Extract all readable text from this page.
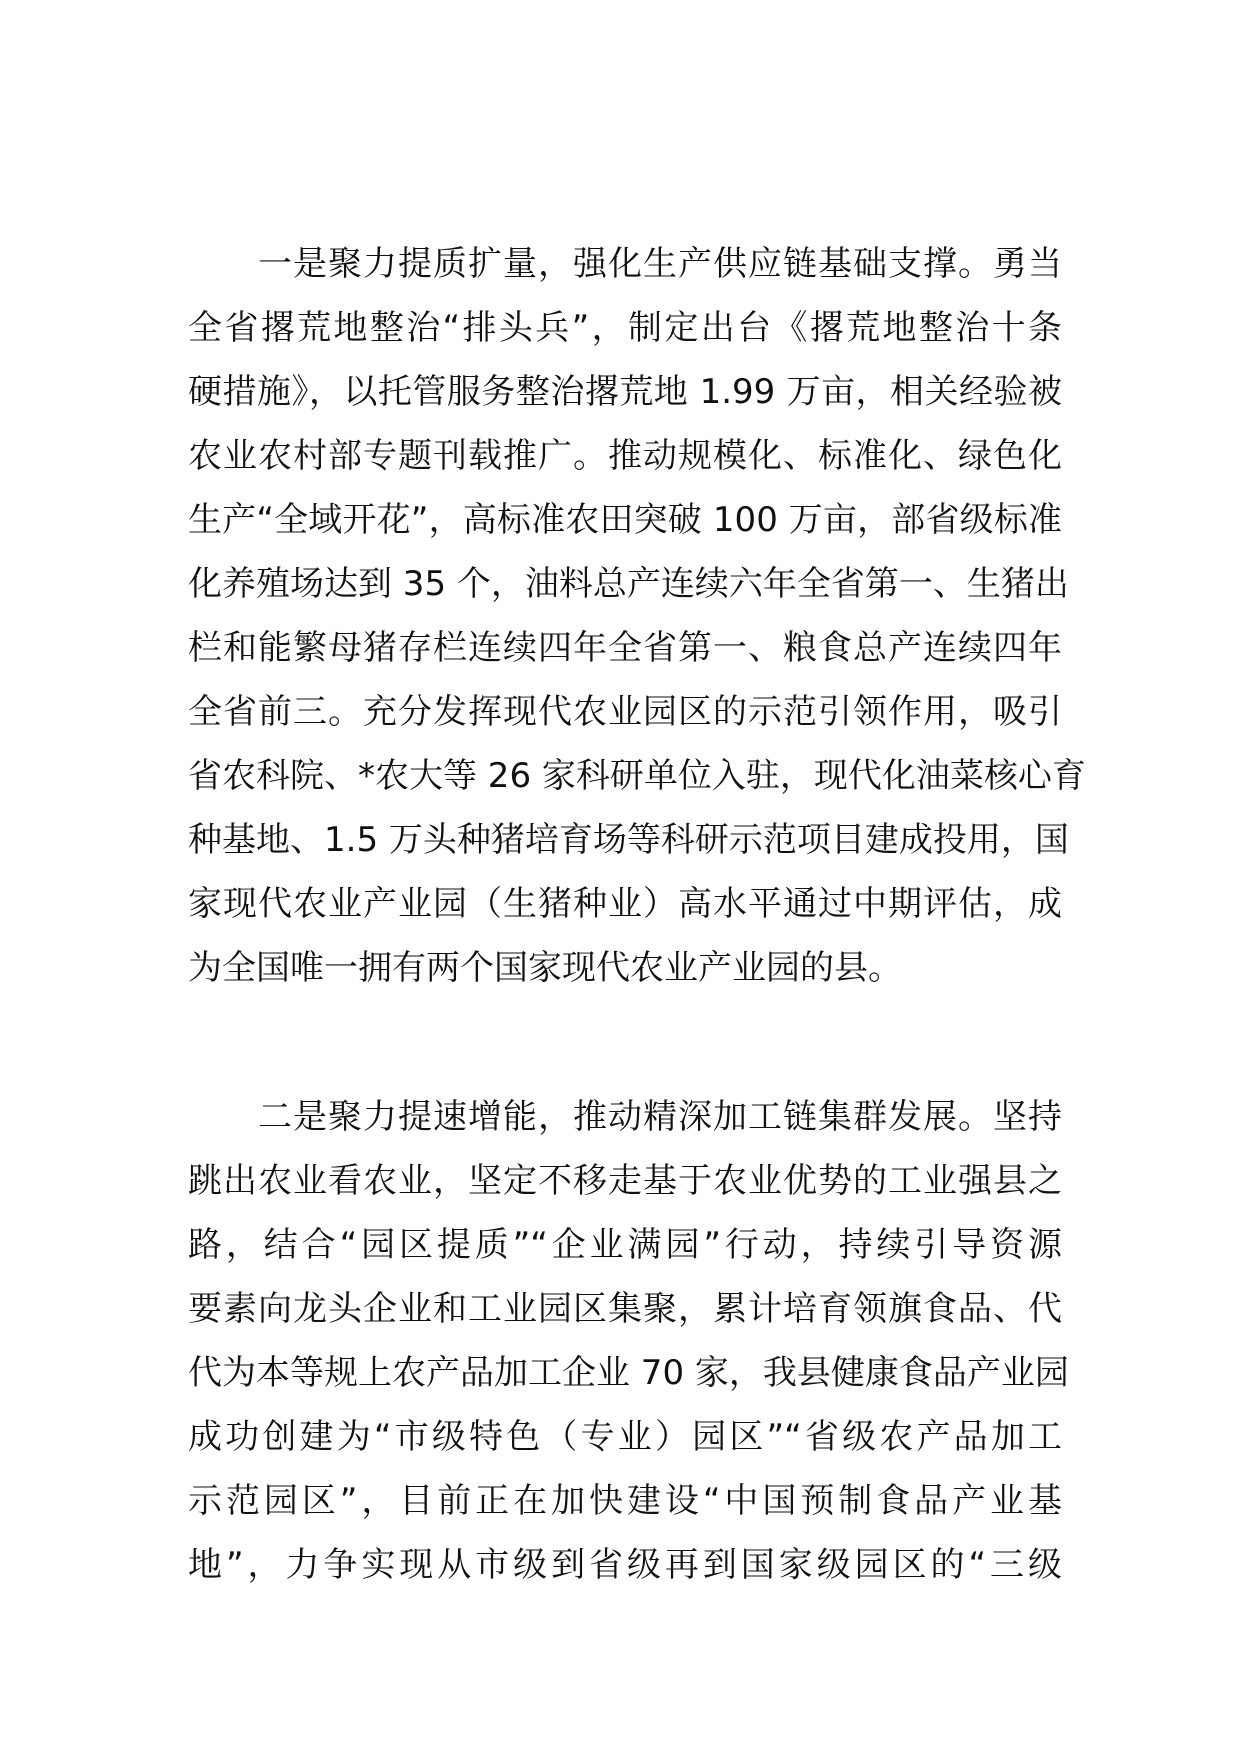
一是聚力提质扩量，强化生产供应链基础支撑。勇当
全省撂荒地整治“排头兵”，制定出台《撂荒地整治十条
硬措施》，以托管服务整治撂荒地 1.99 万亩，相关经验被
农业农村部专题刊载推广。推动规模化、标准化、绿色化
生产“全域开花”，高标准农田突破 100 万亩，部省级标准
化养殖场达到 35 个，油料总产连续六年全省第一、生猪出
栏和能繁母猪存栏连续四年全省第一、粮食总产连续四年
全省前三。充分发挥现代农业园区的示范引领作用，吸引
省农科院、*农大等 26 家科研单位入驻，现代化油菜核心育
种基地、1.5 万头种猪培育场等科研示范项目建成投用，国
家现代农业产业园（生猪种业）高水平通过中期评估，成
为全国唯一拥有两个国家现代农业产业园的县。
二是聚力提速增能，推动精深加工链集群发展。坚持
跳出农业看农业，坚定不移走基于农业优势的工业强县之
路，结合“园区提质”“企业满园”行动，持续引导资源
要素向龙头企业和工业园区集聚，累计培育领旗食品、代
代为本等规上农产品加工企业 70 家，我县健康食品产业园
成功创建为“市级特色（专业）园区”“省级农产品加工
示范园区”，目前正在加快建设“中国预制食品产业基
地”，力争实现从市级到省级再到国家级园区的“三级
